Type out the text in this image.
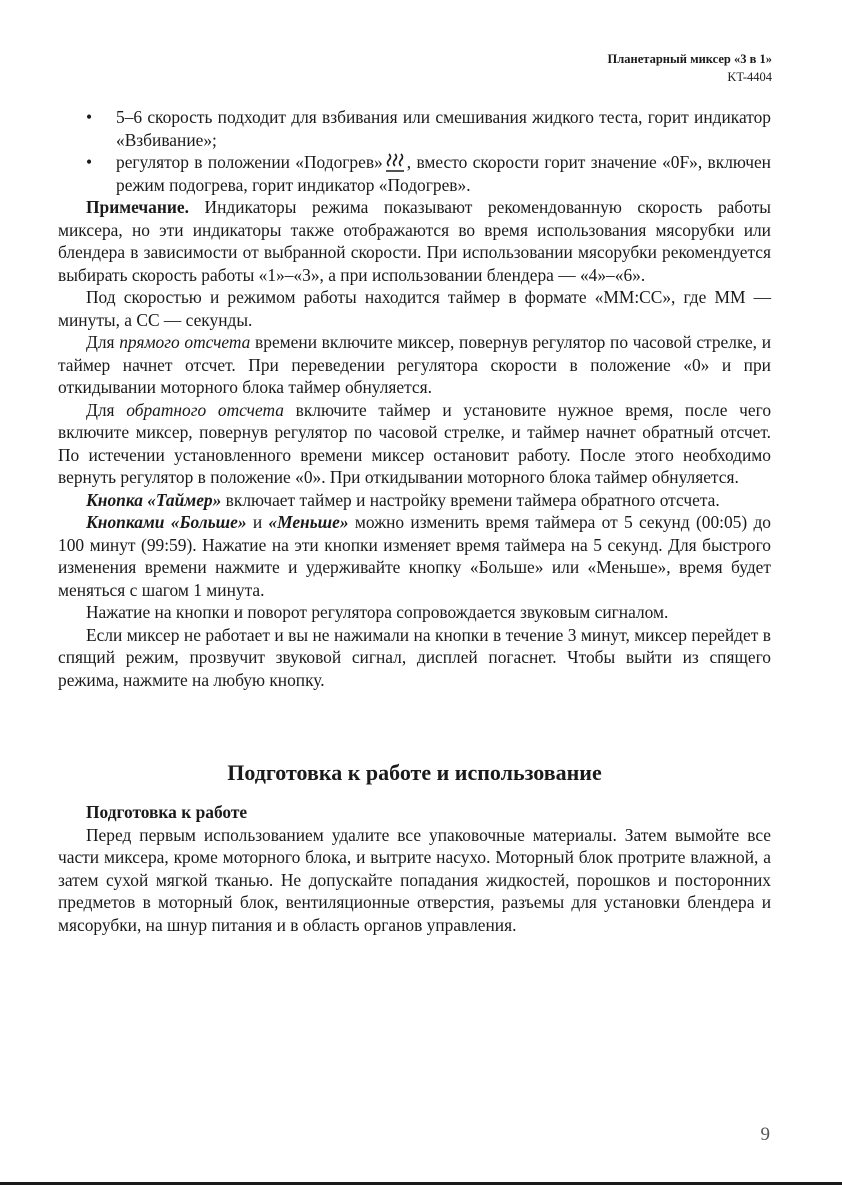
Планетарный миксер «3 в 1»
KT-4404
• 5–6 скорость подходит для взбивания или смешивания жидкого теста, горит индикатор «Взбивание»;
• регулятор в положении «Подогрев» , вместо скорости горит значение «0F», включен режим подогрева, горит индикатор «Подогрев».

Примечание. Индикаторы режима показывают рекомендованную скорость работы миксера, но эти индикаторы также отображаются во время использования мясорубки или блендера в зависимости от выбранной скорости. При использовании мясорубки рекомендуется выбирать скорость работы «1»–«3», а при использовании блендера — «4»–«6».

Под скоростью и режимом работы находится таймер в формате «ММ:СС», где ММ — минуты, а СС — секунды.

Для прямого отсчета времени включите миксер, повернув регулятор по часовой стрелке, и таймер начнет отсчет. При переведении регулятора скорости в положение «0» и при откидывании моторного блока таймер обнуляется.

Для обратного отсчета включите таймер и установите нужное время, после чего включите миксер, повернув регулятор по часовой стрелке, и таймер начнет обратный отсчет. По истечении установленного времени миксер остановит работу. После этого необходимо вернуть регулятор в положение «0». При откидывании моторного блока таймер обнуляется.

Кнопка «Таймер» включает таймер и настройку времени таймера обратного отсчета.

Кнопками «Больше» и «Меньше» можно изменить время таймера от 5 секунд (00:05) до 100 минут (99:59). Нажатие на эти кнопки изменяет время таймера на 5 секунд. Для быстрого изменения времени нажмите и удерживайте кнопку «Больше» или «Меньше», время будет меняться с шагом 1 минута.

Нажатие на кнопки и поворот регулятора сопровождается звуковым сигналом.

Если миксер не работает и вы не нажимали на кнопки в течение 3 минут, миксер перейдет в спящий режим, прозвучит звуковой сигнал, дисплей погаснет. Чтобы выйти из спящего режима, нажмите на любую кнопку.

Подготовка к работе и использование
Подготовка к работе

Перед первым использованием удалите все упаковочные материалы. Затем вымойте все части миксера, кроме моторного блока, и вытрите насухо. Моторный блок протрите влажной, а затем сухой мягкой тканью. Не допускайте попадания жидкостей, порошков и посторонних предметов в моторный блок, вентиляционные отверстия, разъемы для установки блендера и мясорубки, на шнур питания и в область органов управления.

9
